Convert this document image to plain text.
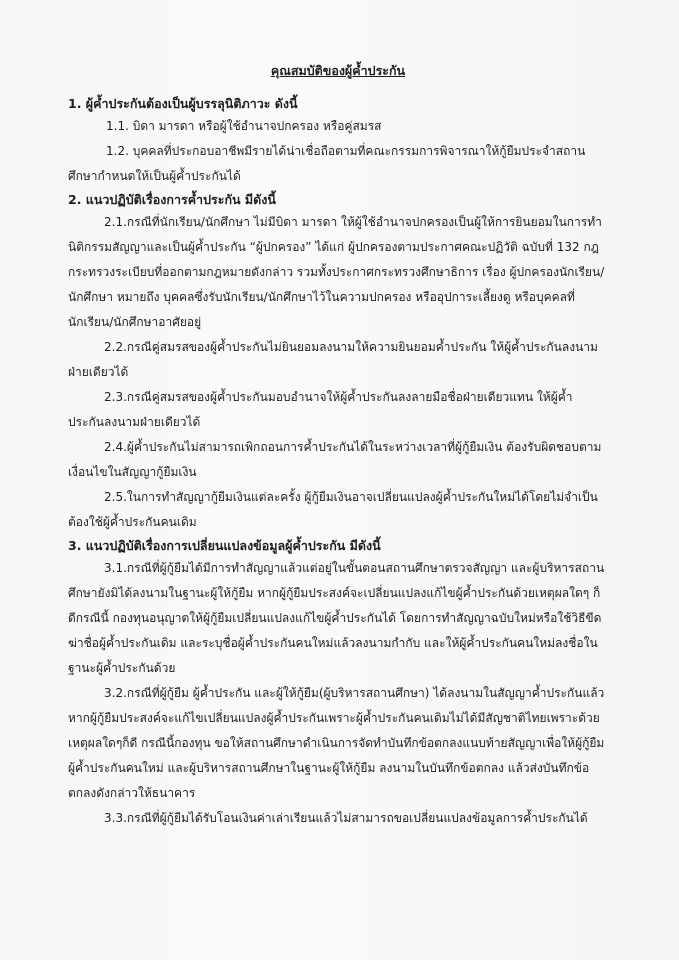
คุณสมบัติของผู้ค้ำประกัน

1. ผู้ค้ำประกันต้องเป็นผู้บรรลุนิติภาวะ ดังนี้

1.1. บิดา มารดา หรือผู้ใช้อำนาจปกครอง หรือคู่สมรส

1.2. บุคคลที่ประกอบอาชีพมีรายได้น่าเชื่อถือตามที่คณะกรรมการพิจารณาให้กู้ยืมประจำสถานศึกษากำหนดให้เป็นผู้ค้ำประกันได้

2. แนวปฏิบัติเรื่องการค้ำประกัน มีดังนี้

2.1.กรณีที่นักเรียน/นักศึกษา ไม่มีบิดา มารดา ให้ผู้ใช้อำนาจปกครองเป็นผู้ให้การยินยอมในการทำนิติกรรมสัญญาและเป็นผู้ค้ำประกัน “ผู้ปกครอง” ได้แก่ ผู้ปกครองตามประกาศคณะปฏิวัติ ฉบับที่ 132 กฎกระทรวงระเบียบที่ออกตามกฎหมายดังกล่าว รวมทั้งประกาศกระทรวงศึกษาธิการ เรื่อง ผู้ปกครองนักเรียน/นักศึกษา หมายถึง บุคคลซึ่งรับนักเรียน/นักศึกษาไว้ในความปกครอง หรืออุปการะเลี้ยงดู หรือบุคคลที่นักเรียน/นักศึกษาอาศัยอยู่

2.2.กรณีคู่สมรสของผู้ค้ำประกันไม่ยินยอมลงนามให้ความยินยอมค้ำประกัน ให้ผู้ค้ำประกันลงนามฝ่ายเดียวได้

2.3.กรณีคู่สมรสของผู้ค้ำประกันมอบอำนาจให้ผู้ค้ำประกันลงลายมือชื่อฝ่ายเดียวแทน ให้ผู้ค้ำประกันลงนามฝ่ายเดียวได้

2.4.ผู้ค้ำประกันไม่สามารถเพิกถอนการค้ำประกันได้ในระหว่างเวลาที่ผู้กู้ยืมเงิน ต้องรับผิดชอบตามเงื่อนไขในสัญญากู้ยืมเงิน

2.5.ในการทำสัญญากู้ยืมเงินแต่ละครั้ง ผู้กู้ยืมเงินอาจเปลี่ยนแปลงผู้ค้ำประกันใหม่ได้โดยไม่จำเป็นต้องใช้ผู้ค้ำประกันคนเดิม

3. แนวปฏิบัติเรื่องการเปลี่ยนแปลงข้อมูลผู้ค้ำประกัน มีดังนี้

3.1.กรณีที่ผู้กู้ยืมได้มีการทำสัญญาแล้วแต่อยู่ในขั้นตอนสถานศึกษาตรวจสัญญา และผู้บริหารสถานศึกษายังมิได้ลงนามในฐานะผู้ให้กู้ยืม หากผู้กู้ยืมประสงค์จะเปลี่ยนแปลงแก้ไขผู้ค้ำประกันด้วยเหตุผลใดๆ ก็ดีกรณีนี้ กองทุนอนุญาตให้ผู้กู้ยืมเปลี่ยนแปลงแก้ไขผู้ค้ำประกันได้ โดยการทำสัญญาฉบับใหม่หรือใช้วิธีขีดฆ่าชื่อผู้ค้ำประกันเดิม และระบุชื่อผู้ค้ำประกันคนใหม่แล้วลงนามกำกับ และให้ผู้ค้ำประกันคนใหม่ลงชื่อในฐานะผู้ค้ำประกันด้วย

3.2.กรณีที่ผู้กู้ยืม ผู้ค้ำประกัน และผู้ให้กู้ยืม(ผู้บริหารสถานศึกษา) ได้ลงนามในสัญญาค้ำประกันแล้ว หากผู้กู้ยืมประสงค์จะแก้ไขเปลี่ยนแปลงผู้ค้ำประกันเพราะผู้ค้ำประกันคนเดิมไม่ได้มีสัญชาติไทยเพราะด้วยเหตุผลใดๆก็ดี กรณีนี้กองทุน ขอให้สถานศึกษาดำเนินการจัดทำบันทึกข้อตกลงแนบท้ายสัญญาเพื่อให้ผู้กู้ยืมผู้ค้ำประกันคนใหม่ และผู้บริหารสถานศึกษาในฐานะผู้ให้กู้ยืม ลงนามในบันทึกข้อตกลง แล้วส่งบันทึกข้อตกลงดังกล่าวให้ธนาคาร

3.3.กรณีที่ผู้กู้ยืมได้รับโอนเงินค่าเล่าเรียนแล้วไม่สามารถขอเปลี่ยนแปลงข้อมูลการค้ำประกันได้
